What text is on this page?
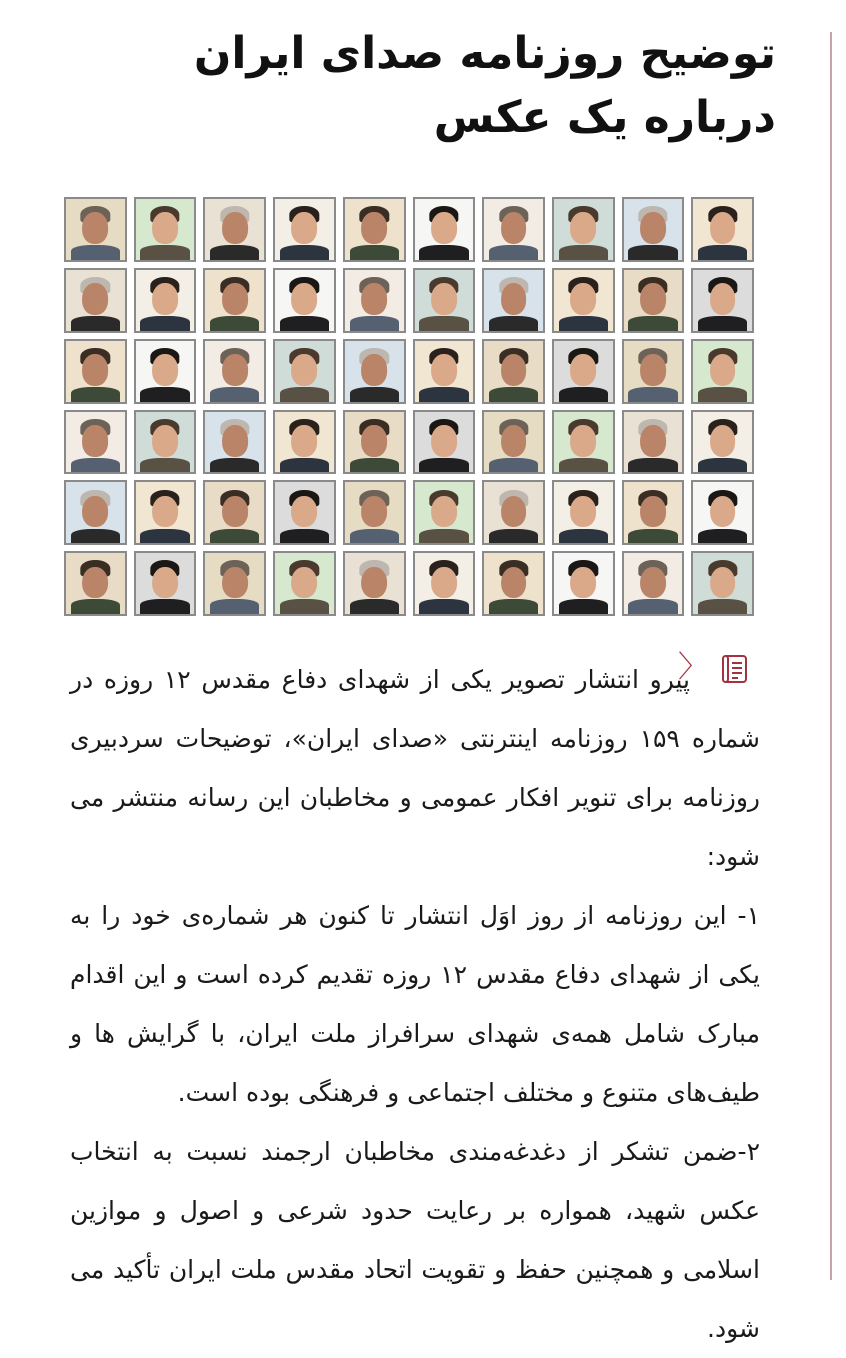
توضیح روزنامه صدای ایران
درباره یک عکس
〉

پیرو انتشار تصویر یکی از شهدای دفاع مقدس ۱۲ روزه در شماره ۱۵۹ روزنامه اینترنتی «صدای ایران»، توضیحات سردبیری روزنامه برای تنویر افکار عمومی و مخاطبان این رسانه منتشر می شود:

۱- این روزنامه از روز اوَل انتشار تا کنون هر شماره‌ی خود را به یکی از شهدای دفاع مقدس ۱۲ روزه تقدیم کرده است و این اقدام مبارک شامل همه‌ی شهدای سرافراز ملت ایران، با گرایش ها و طیف‌های متنوع و مختلف اجتماعی و فرهنگی بوده است.

۲-ضمن تشکر از دغدغه‌مندی مخاطبان ارجمند نسبت به انتخاب عکس شهید، همواره بر رعایت حدود شرعی و اصول و موازین اسلامی و همچنین حفظ و تقویت اتحاد مقدس ملت ایران تأکید می شود.
